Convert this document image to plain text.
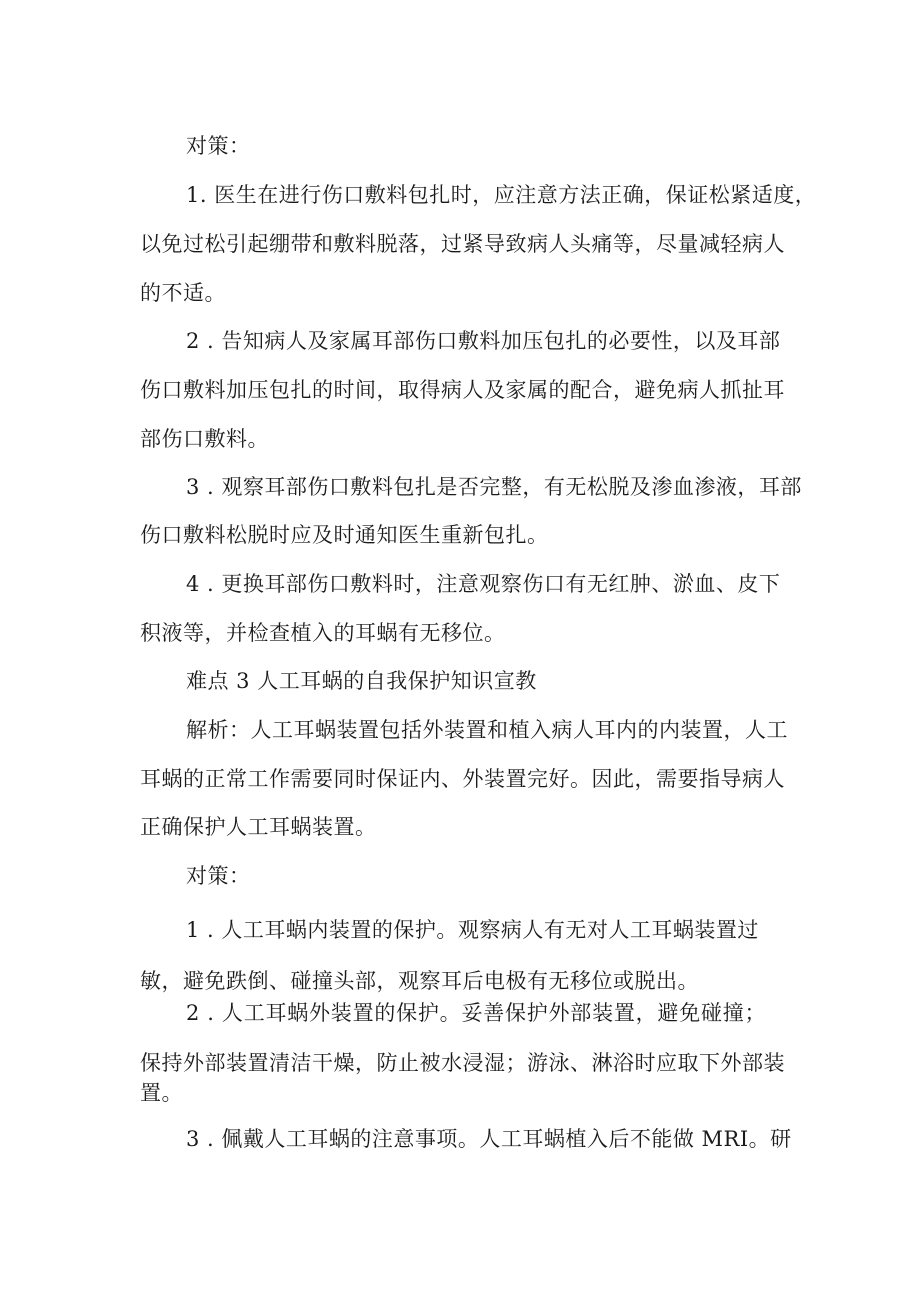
对策：
1. 医生在进行伤口敷料包扎时，应注意方法正确，保证松紧适度，
以免过松引起绷带和敷料脱落，过紧导致病人头痛等，尽量减轻病人
的不适。
2 . 告知病人及家属耳部伤口敷料加压包扎的必要性，以及耳部
伤口敷料加压包扎的时间，取得病人及家属的配合，避免病人抓扯耳
部伤口敷料。
3 . 观察耳部伤口敷料包扎是否完整，有无松脱及渗血渗液，耳部
伤口敷料松脱时应及时通知医生重新包扎。
4 . 更换耳部伤口敷料时，注意观察伤口有无红肿、淤血、皮下
积液等，并检查植入的耳蜗有无移位。
难点 3 人工耳蜗的自我保护知识宣教
解析：人工耳蜗装置包括外装置和植入病人耳内的内装置，人工
耳蜗的正常工作需要同时保证内、外装置完好。因此，需要指导病人
正确保护人工耳蜗装置。
对策：
1 . 人工耳蜗内装置的保护。观察病人有无对人工耳蜗装置过
敏，避免跌倒、碰撞头部，观察耳后电极有无移位或脱出。
2 . 人工耳蜗外装置的保护。妥善保护外部装置，避免碰撞；
保持外部装置清洁干燥，防止被水浸湿；游泳、淋浴时应取下外部装
置。
3 . 佩戴人工耳蜗的注意事项。人工耳蜗植入后不能做 MRI。研
